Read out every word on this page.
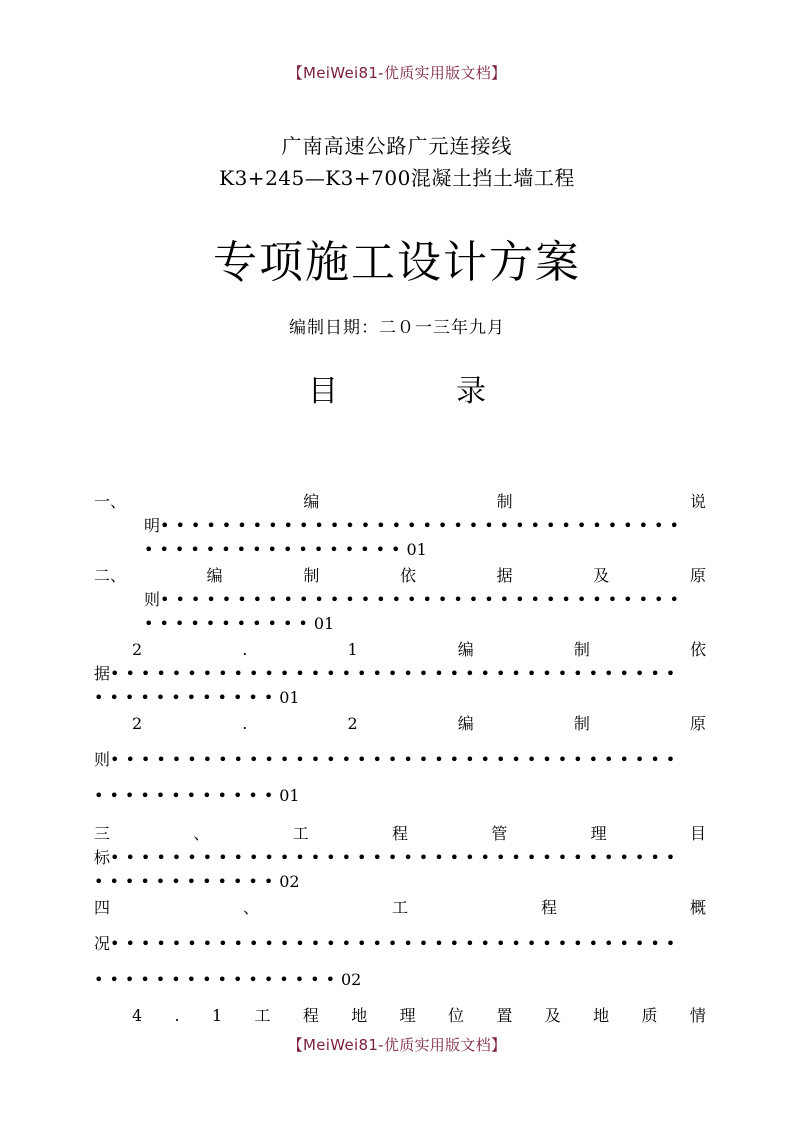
【MeiWei81-优质实用版文档】
广南高速公路广元连接线
K3+245—K3+700混凝土挡土墙工程
专项施工设计方案
编制日期：二０一三年九月
目	录
一、	编	制	说
明••••••••••••••••••••••••••••••••••
•••••••••••••••••01
二、	编	制	依	据	及	原
则••••••••••••••••••••••••••••••••••
•••••••••••01
2	.	1	编	制	依
据•••••••••••••••••••••••••••••••••••••
••••••••••••01
2	.	2	编	制	原
则•••••••••••••••••••••••••••••••••••••
••••••••••••01
三	、	工	程	管	理	目
标•••••••••••••••••••••••••••••••••••••
••••••••••••02
四	、	工	程	概
况•••••••••••••••••••••••••••••••••••••
••••••••••••••••02
4 . 1 工 程 地 理 位 置 及 地 质 情
【MeiWei81-优质实用版文档】
